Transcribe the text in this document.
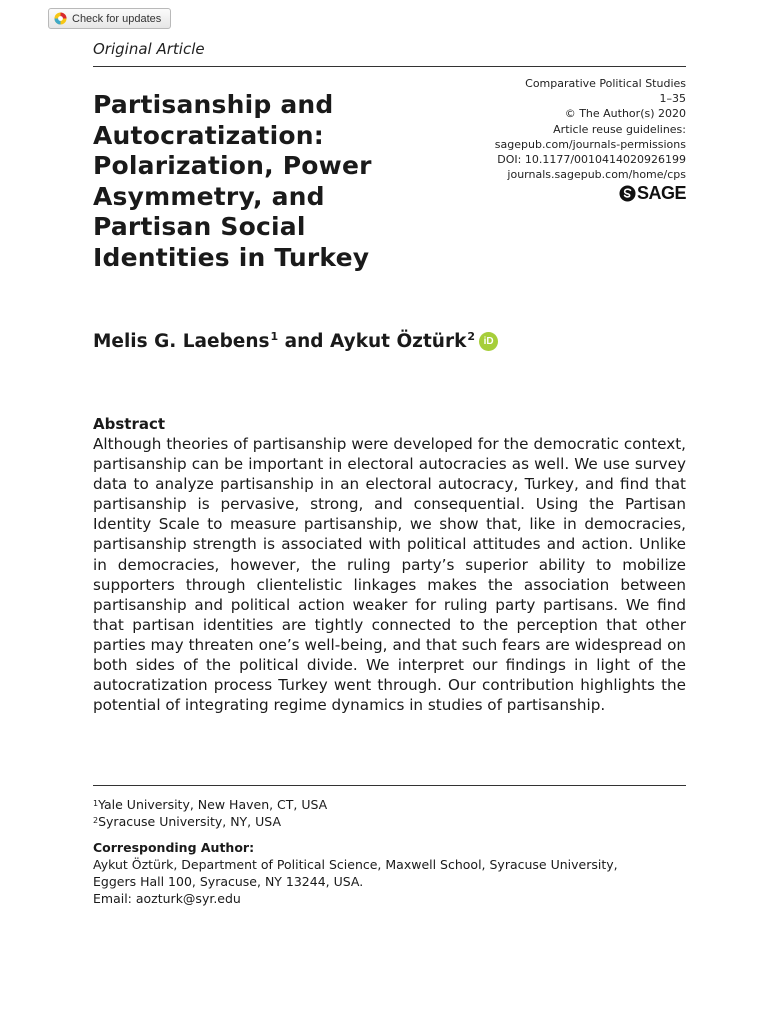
Check for updates
Original Article
Comparative Political Studies
1–35
© The Author(s) 2020
Article reuse guidelines:
sagepub.com/journals-permissions
DOI: 10.1177/0010414020926199
journals.sagepub.com/home/cps
SAGE
Partisanship and Autocratization: Polarization, Power Asymmetry, and Partisan Social Identities in Turkey
Melis G. Laebens$^1$ and Aykut Öztürk$^2$ iD
Abstract

Although theories of partisanship were developed for the democratic context, partisanship can be important in electoral autocracies as well. We use survey data to analyze partisanship in an electoral autocracy, Turkey, and find that partisanship is pervasive, strong, and consequential. Using the Partisan Identity Scale to measure partisanship, we show that, like in democracies, partisanship strength is associated with political attitudes and action. Unlike in democracies, however, the ruling party’s superior ability to mobilize supporters through clientelistic linkages makes the association between partisanship and political action weaker for ruling party partisans. We find that partisan identities are tightly connected to the perception that other parties may threaten one’s well-being, and that such fears are widespread on both sides of the political divide. We interpret our findings in light of the autocratization process Turkey went through. Our contribution highlights the potential of integrating regime dynamics in studies of partisanship.

$^1$Yale University, New Haven, CT, USA
$^2$Syracuse University, NY, USA
Corresponding Author:
Aykut Öztürk, Department of Political Science, Maxwell School, Syracuse University,
Eggers Hall 100, Syracuse, NY 13244, USA.
Email: aozturk@syr.edu
